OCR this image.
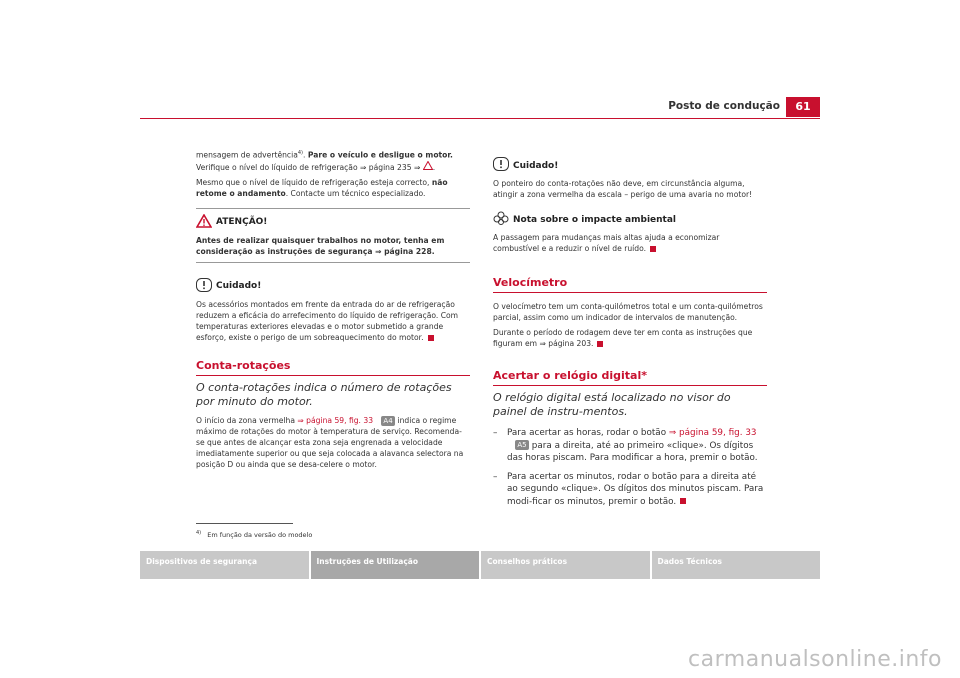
Posto de condução	61

mensagem de advertência$^{4)}$. Pare o veículo e desligue o motor. Verifique o nível do líquido de refrigeração ⇒ página 235 ⇒ .

Mesmo que o nível de líquido de refrigeração esteja correcto, não retome o andamento. Contacte um técnico especializado.

ATENÇÃO!

Antes de realizar quaisquer trabalhos no motor, tenha em consideração as instruções de segurança ⇒ página 228.

Cuidado!

Os acessórios montados em frente da entrada do ar de refrigeração reduzem a eficácia do arrefecimento do líquido de refrigeração. Com temperaturas exteriores elevadas e o motor submetido a grande esforço, existe o perigo de um sobreaquecimento do motor.

Conta-rotações

O conta-rotações indica o número de rotações por minuto do motor.

O início da zona vermelha ⇒ página 59, fig. 33 A4 indica o regime máximo de rotações do motor à temperatura de serviço. Recomenda-se que antes de alcançar esta zona seja engrenada a velocidade imediatamente superior ou que seja colocada a alavanca selectora na posição D ou ainda que se desa-celere o motor.

Cuidado!

O ponteiro do conta-rotações não deve, em circunstância alguma, atingir a zona vermelha da escala – perigo de uma avaria no motor!

Nota sobre o impacte ambiental

A passagem para mudanças mais altas ajuda a economizar combustível e a reduzir o nível de ruído.

Velocímetro

O velocímetro tem um conta-quilómetros total e um conta-quilómetros parcial, assim como um indicador de intervalos de manutenção.

Durante o período de rodagem deve ter em conta as instruções que figuram em ⇒ página 203.

Acertar o relógio digital*

O relógio digital está localizado no visor do painel de instru-mentos.

–	Para acertar as horas, rodar o botão ⇒ página 59, fig. 33A5 para a direita, até ao primeiro «clique». Os dígitos das horas piscam. Para modificar a hora, premir o botão.
–	Para acertar os minutos, rodar o botão para a direita até ao segundo «clique». Os dígitos dos minutos piscam. Para modi-ficar os minutos, premir o botão.
$^{4)}$ Em função da versão do modelo
Dispositivos de segurança	Instruções de Utilização	Conselhos práticos	Dados Técnicos
carmanualsonline.info
